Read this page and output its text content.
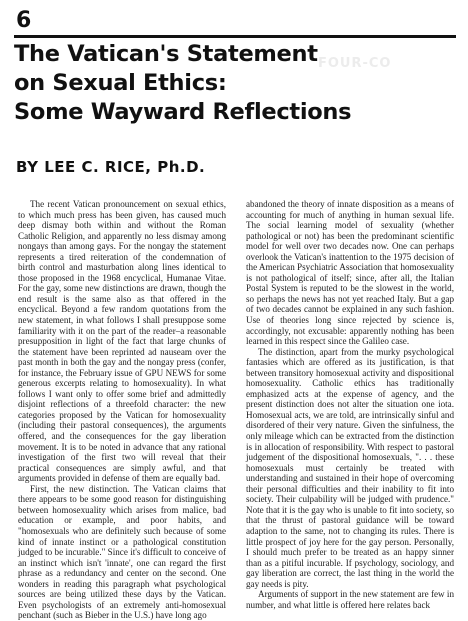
6
FOUR-CO
The Vatican's Statement
on Sexual Ethics:
Some Wayward Reflections
BY LEE C. RICE, Ph.D.

The recent Vatican pronouncement on sexual ethics, to which much press has been given, has caused much deep dismay both within and without the Roman Catholic Religion, and apparently no less dismay among nongays than among gays. For the nongay the statement represents a tired reiteration of the condemnation of birth control and masturbation along lines identical to those proposed in the 1968 encyclical, Humanae Vitae. For the gay, some new distinctions are drawn, though the end result is the same also as that offered in the encyclical. Beyond a few random quotations from the new statement, in what follows I shall presuppose some familiarity with it on the part of the reader–a reasonable presupposition in light of the fact that large chunks of the statement have been reprinted ad nauseam over the past month in both the gay and the nongay press (confer, for instance, the February issue of GPU NEWS for some generous excerpts relating to homosexuality). In what follows I want only to offer some brief and admittedly disjoint reflections of a threefold character: the new categories proposed by the Vatican for homosexuality (including their pastoral consequences), the arguments offered, and the consequences for the gay liberation movement. It is to be noted in advance that any rational investigation of the first two will reveal that their practical consequences are simply awful, and that arguments provided in defense of them are equally bad.

First, the new distinction. The Vatican claims that there appears to be some good reason for distinguishing between homosexuality which arises from malice, bad education or example, and poor habits, and "homosexuals who are definitely such because of some kind of innate instinct or a pathological constitution judged to be incurable." Since it's difficult to conceive of an instinct which isn't 'innate', one can regard the first phrase as a redundancy and center on the second. One wonders in reading this paragraph what psychological sources are being utilized these days by the Vatican. Even psychologists of an extremely anti-homosexual penchant (such as Bieber in the U.S.) have long ago

abandoned the theory of innate disposition as a means of accounting for much of anything in human sexual life. The social learning model of sexuality (whether pathological or not) has been the predominant scientific model for well over two decades now. One can perhaps overlook the Vatican's inattention to the 1975 decision of the American Psychiatric Association that homosexuality is not pathological of itself; since, after all, the Italian Postal System is reputed to be the slowest in the world, so perhaps the news has not yet reached Italy. But a gap of two decades cannot be explained in any such fashion. Use of theories long since rejected by science is, accordingly, not excusable: apparently nothing has been learned in this respect since the Galileo case.

The distinction, apart from the murky psychological fantasies which are offered as its justification, is that between transitory homosexual activity and dispositional homosexuality. Catholic ethics has traditionally emphasized acts at the expense of agency, and the present distinction does not alter the situation one iota. Homosexual acts, we are told, are intrinsically sinful and disordered of their very nature. Given the sinfulness, the only mileage which can be extracted from the distinction is in allocation of responsibility. With respect to pastoral judgement of the dispositional homosexuals, ". . . these homosexuals must certainly be treated with understanding and sustained in their hope of overcoming their personal difficulties and their inability to fit into society. Their culpability will be judged with prudence." Note that it is the gay who is unable to fit into society, so that the thrust of pastoral guidance will be toward adaption to the same, not to changing its rules. There is little prospect of joy here for the gay person. Personally, I should much prefer to be treated as an happy sinner than as a pitiful incurable. If psychology, sociology, and gay liberation are correct, the last thing in the world the gay needs is pity.

Arguments of support in the new statement are few in number, and what little is offered here relates back
